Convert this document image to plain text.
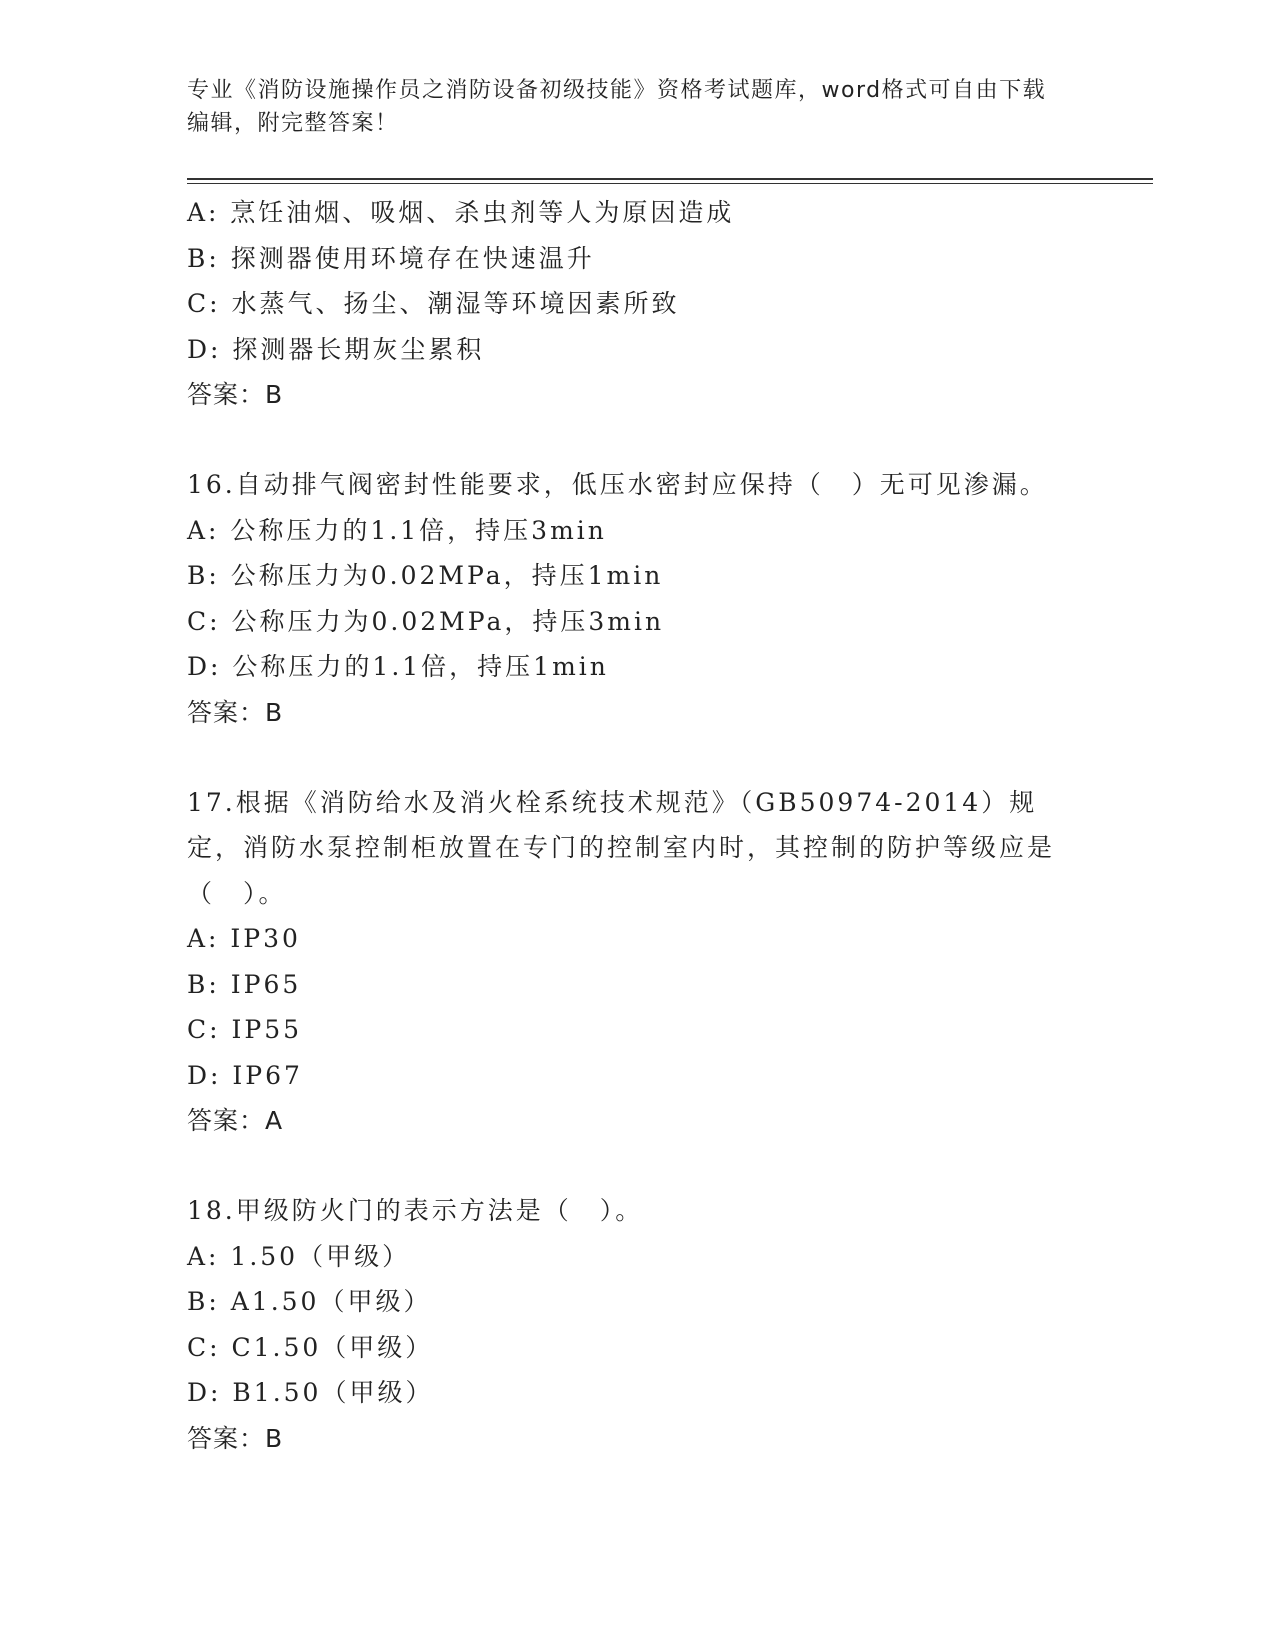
专业《消防设施操作员之消防设备初级技能》资格考试题库，word格式可自由下载编辑，附完整答案！
A: 烹饪油烟、吸烟、杀虫剂等人为原因造成
B: 探测器使用环境存在快速温升
C: 水蒸气、扬尘、潮湿等环境因素所致
D: 探测器长期灰尘累积
答案：B
16.自动排气阀密封性能要求，低压水密封应保持（　）无可见渗漏。
A: 公称压力的1.1倍，持压3min
B: 公称压力为0.02MPa，持压1min
C: 公称压力为0.02MPa，持压3min
D: 公称压力的1.1倍，持压1min
答案：B
17.根据《消防给水及消火栓系统技术规范》（GB50974-2014）规定，消防水泵控制柜放置在专门的控制室内时，其控制的防护等级应是（　）。
A: IP30
B: IP65
C: IP55
D: IP67
答案：A
18.甲级防火门的表示方法是（　）。
A: 1.50（甲级）
B: A1.50（甲级）
C: C1.50（甲级）
D: B1.50（甲级）
答案：B
